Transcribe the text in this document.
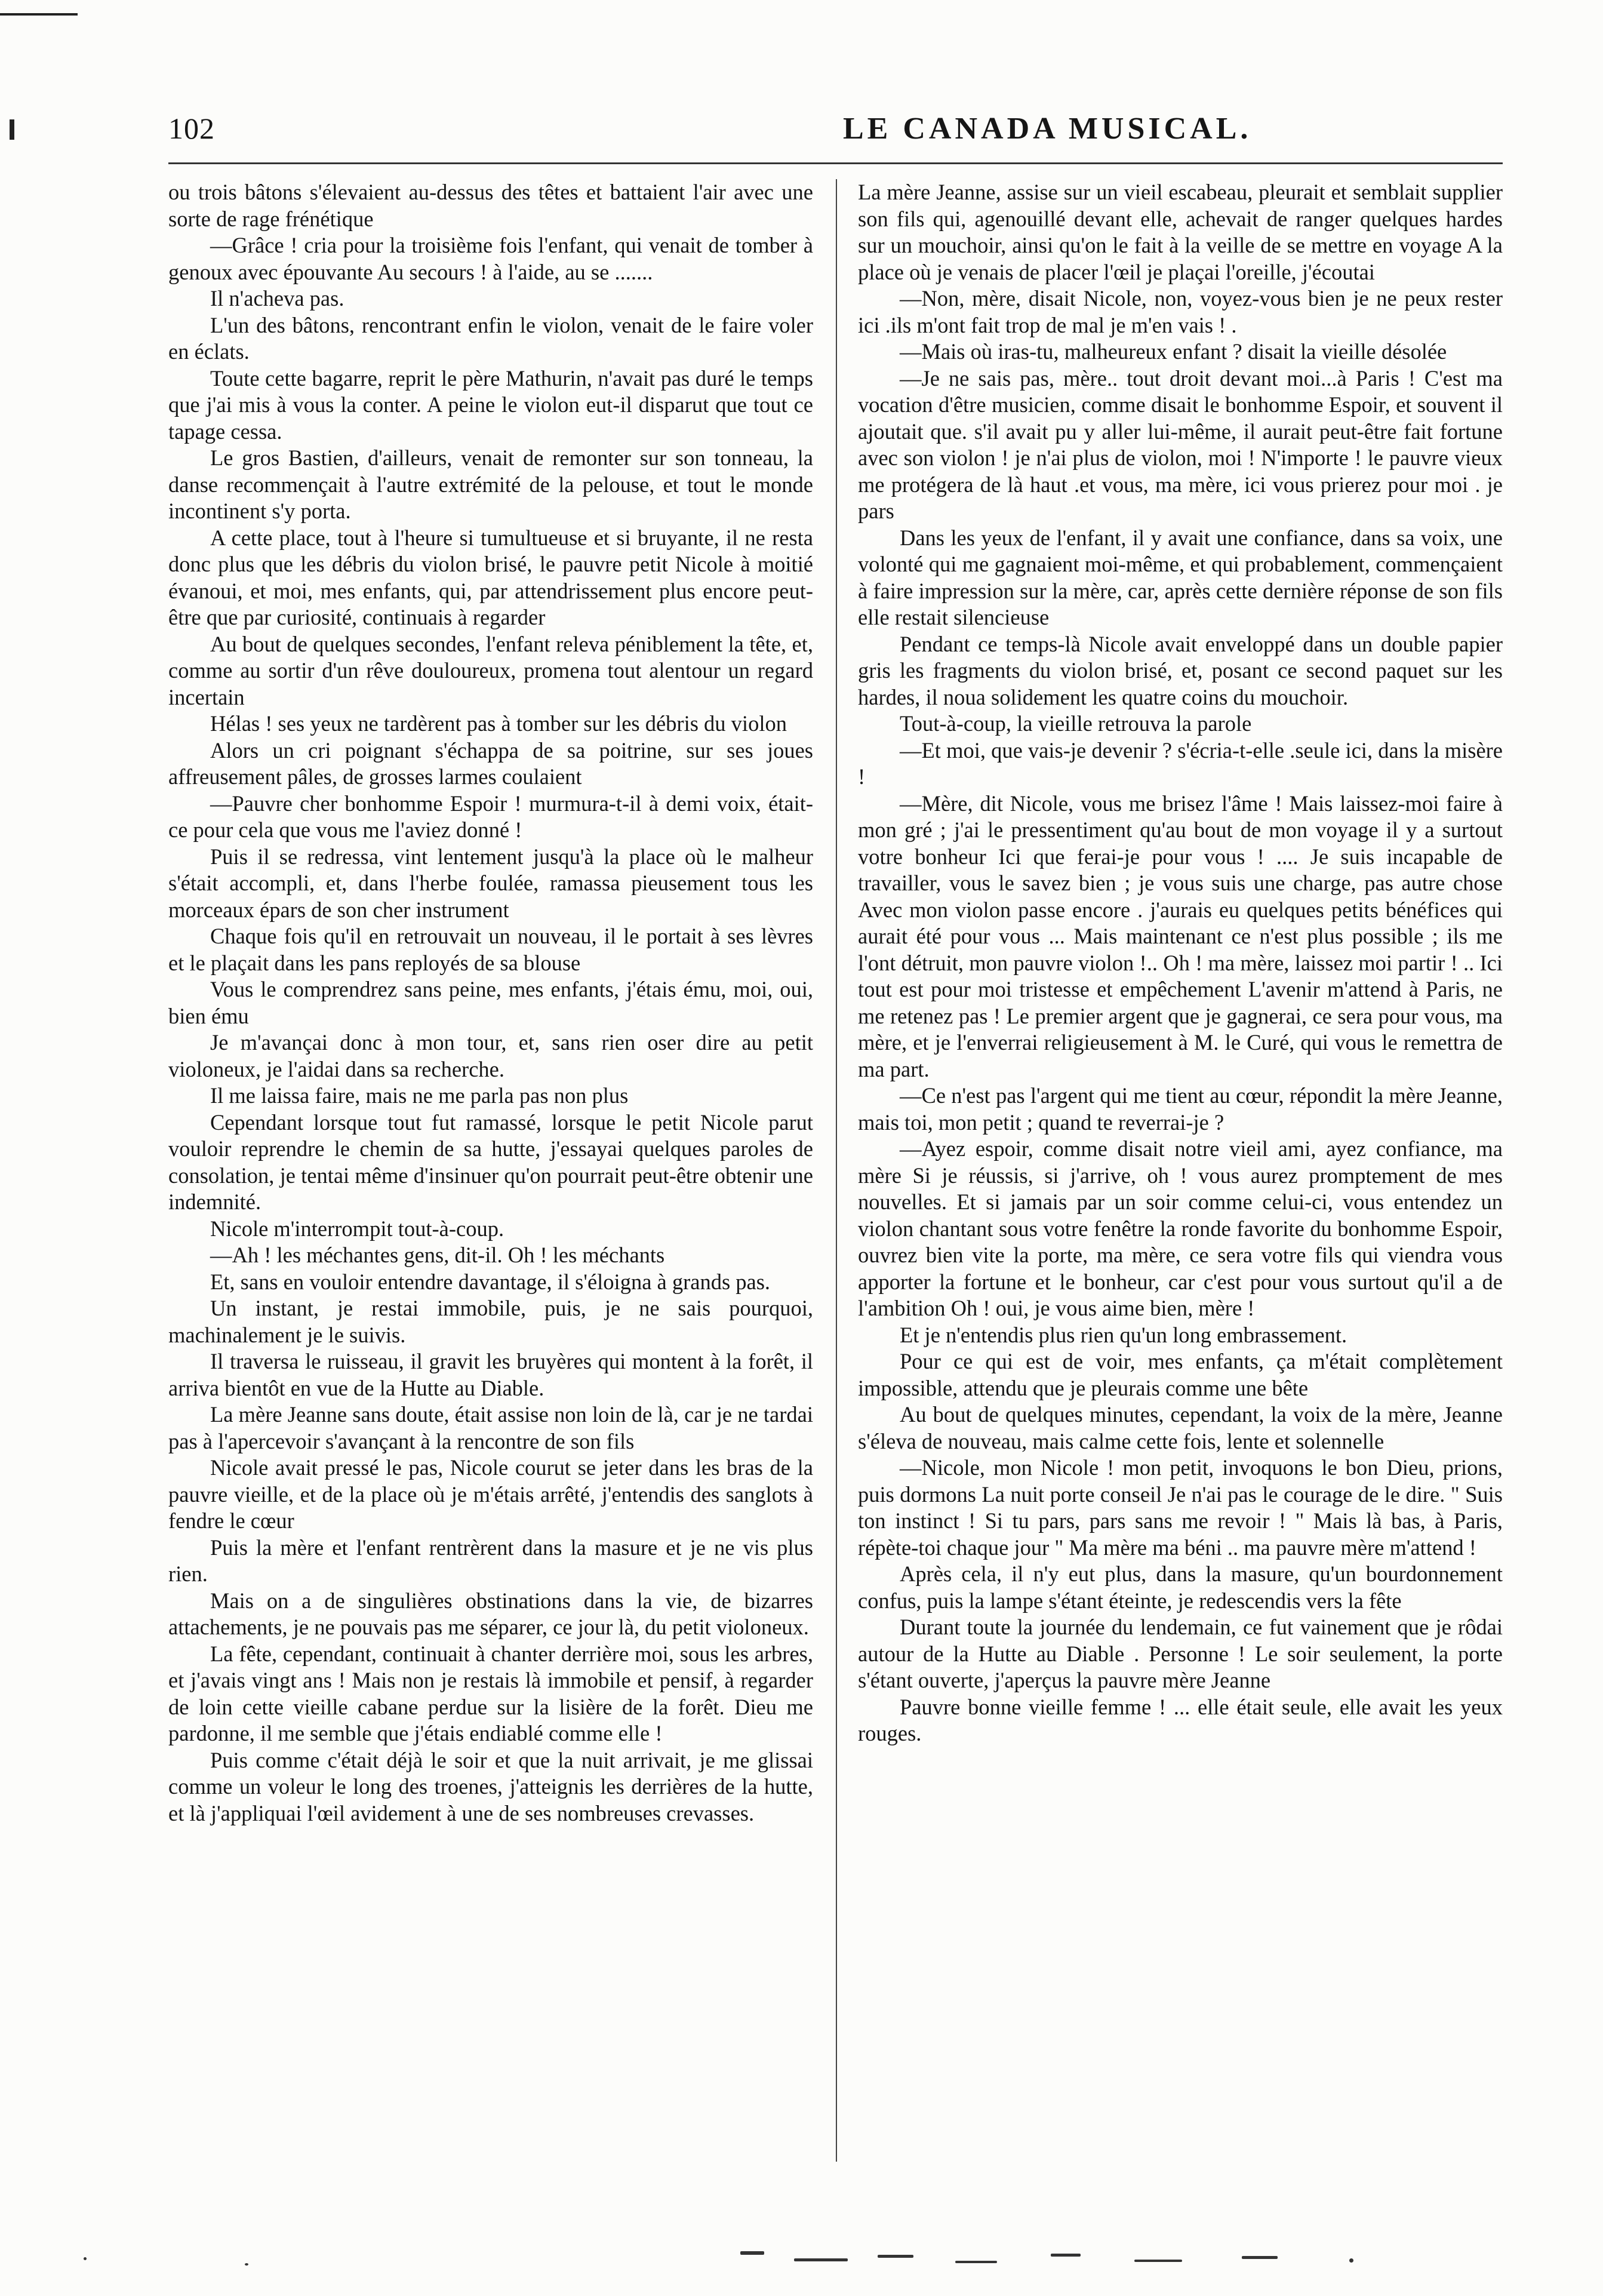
102	LE CANADA MUSICAL.

ou trois bâtons s'élevaient au-dessus des têtes et battaient l'air avec une sorte de rage frénétique

—Grâce ! cria pour la troisième fois l'enfant, qui venait de tomber à genoux avec épouvante Au secours ! à l'aide, au se .......

Il n'acheva pas.

L'un des bâtons, rencontrant enfin le violon, venait de le faire voler en éclats.

Toute cette bagarre, reprit le père Mathurin, n'avait pas duré le temps que j'ai mis à vous la conter. A peine le violon eut-il disparut que tout ce tapage cessa.

Le gros Bastien, d'ailleurs, venait de remonter sur son tonneau, la danse recommençait à l'autre extrémité de la pelouse, et tout le monde incontinent s'y porta.

A cette place, tout à l'heure si tumultueuse et si bruyante, il ne resta donc plus que les débris du violon brisé, le pauvre petit Nicole à moitié évanoui, et moi, mes enfants, qui, par attendrissement plus encore peut-être que par curiosité, continuais à regarder

Au bout de quelques secondes, l'enfant releva péniblement la tête, et, comme au sortir d'un rêve douloureux, promena tout alentour un regard incertain

Hélas ! ses yeux ne tardèrent pas à tomber sur les débris du violon

Alors un cri poignant s'échappa de sa poitrine, sur ses joues affreusement pâles, de grosses larmes coulaient

—Pauvre cher bonhomme Espoir ! murmura-t-il à demi voix, était-ce pour cela que vous me l'aviez donné !

Puis il se redressa, vint lentement jusqu'à la place où le malheur s'était accompli, et, dans l'herbe foulée, ramassa pieusement tous les morceaux épars de son cher instrument

Chaque fois qu'il en retrouvait un nouveau, il le portait à ses lèvres et le plaçait dans les pans reployés de sa blouse

Vous le comprendrez sans peine, mes enfants, j'étais ému, moi, oui, bien ému

Je m'avançai donc à mon tour, et, sans rien oser dire au petit violoneux, je l'aidai dans sa recherche.

Il me laissa faire, mais ne me parla pas non plus

Cependant lorsque tout fut ramassé, lorsque le petit Nicole parut vouloir reprendre le chemin de sa hutte, j'essayai quelques paroles de consolation, je tentai même d'insinuer qu'on pourrait peut-être obtenir une indemnité.

Nicole m'interrompit tout-à-coup.

—Ah ! les méchantes gens, dit-il. Oh ! les méchants

Et, sans en vouloir entendre davantage, il s'éloigna à grands pas.

Un instant, je restai immobile, puis, je ne sais pourquoi, machinalement je le suivis.

Il traversa le ruisseau, il gravit les bruyères qui montent à la forêt, il arriva bientôt en vue de la Hutte au Diable.

La mère Jeanne sans doute, était assise non loin de là, car je ne tardai pas à l'apercevoir s'avançant à la rencontre de son fils

Nicole avait pressé le pas, Nicole courut se jeter dans les bras de la pauvre vieille, et de la place où je m'étais arrêté, j'entendis des sanglots à fendre le cœur

Puis la mère et l'enfant rentrèrent dans la masure et je ne vis plus rien.

Mais on a de singulières obstinations dans la vie, de bizarres attachements, je ne pouvais pas me séparer, ce jour là, du petit violoneux.

La fête, cependant, continuait à chanter derrière moi, sous les arbres, et j'avais vingt ans ! Mais non je restais là immobile et pensif, à regarder de loin cette vieille cabane perdue sur la lisière de la forêt. Dieu me pardonne, il me semble que j'étais endiablé comme elle !

Puis comme c'était déjà le soir et que la nuit arrivait, je me glissai comme un voleur le long des troenes, j'atteignis les derrières de la hutte, et là j'appliquai l'œil avidement à une de ses nombreuses crevasses.

La mère Jeanne, assise sur un vieil escabeau, pleurait et semblait supplier son fils qui, agenouillé devant elle, achevait de ranger quelques hardes sur un mouchoir, ainsi qu'on le fait à la veille de se mettre en voyage A la place où je venais de placer l'œil je plaçai l'oreille, j'écoutai

—Non, mère, disait Nicole, non, voyez-vous bien je ne peux rester ici .ils m'ont fait trop de mal je m'en vais ! .

—Mais où iras-tu, malheureux enfant ? disait la vieille désolée

—Je ne sais pas, mère.. tout droit devant moi...à Paris ! C'est ma vocation d'être musicien, comme disait le bonhomme Espoir, et souvent il ajoutait que. s'il avait pu y aller lui-même, il aurait peut-être fait fortune avec son violon ! je n'ai plus de violon, moi ! N'importe ! le pauvre vieux me protégera de là haut .et vous, ma mère, ici vous prierez pour moi . je pars

Dans les yeux de l'enfant, il y avait une confiance, dans sa voix, une volonté qui me gagnaient moi-même, et qui probablement, commençaient à faire impression sur la mère, car, après cette dernière réponse de son fils elle restait silencieuse

Pendant ce temps-là Nicole avait enveloppé dans un double papier gris les fragments du violon brisé, et, posant ce second paquet sur les hardes, il noua solidement les quatre coins du mouchoir.

Tout-à-coup, la vieille retrouva la parole

—Et moi, que vais-je devenir ? s'écria-t-elle .seule ici, dans la misère !

—Mère, dit Nicole, vous me brisez l'âme ! Mais laissez-moi faire à mon gré ; j'ai le pressentiment qu'au bout de mon voyage il y a surtout votre bonheur Ici que ferai-je pour vous ! .... Je suis incapable de travailler, vous le savez bien ; je vous suis une charge, pas autre chose Avec mon violon passe encore . j'aurais eu quelques petits bénéfices qui aurait été pour vous ... Mais maintenant ce n'est plus possible ; ils me l'ont détruit, mon pauvre violon !.. Oh ! ma mère, laissez moi partir ! .. Ici tout est pour moi tristesse et empêchement L'avenir m'attend à Paris, ne me retenez pas ! Le premier argent que je gagnerai, ce sera pour vous, ma mère, et je l'enverrai religieusement à M. le Curé, qui vous le remettra de ma part.

—Ce n'est pas l'argent qui me tient au cœur, répondit la mère Jeanne, mais toi, mon petit ; quand te reverrai-je ?

—Ayez espoir, comme disait notre vieil ami, ayez confiance, ma mère Si je réussis, si j'arrive, oh ! vous aurez promptement de mes nouvelles. Et si jamais par un soir comme celui-ci, vous entendez un violon chantant sous votre fenêtre la ronde favorite du bonhomme Espoir, ouvrez bien vite la porte, ma mère, ce sera votre fils qui viendra vous apporter la fortune et le bonheur, car c'est pour vous surtout qu'il a de l'ambition Oh ! oui, je vous aime bien, mère !

Et je n'entendis plus rien qu'un long embrassement.

Pour ce qui est de voir, mes enfants, ça m'était complètement impossible, attendu que je pleurais comme une bête

Au bout de quelques minutes, cependant, la voix de la mère, Jeanne s'éleva de nouveau, mais calme cette fois, lente et solennelle

—Nicole, mon Nicole ! mon petit, invoquons le bon Dieu, prions, puis dormons La nuit porte conseil Je n'ai pas le courage de le dire. " Suis ton instinct ! Si tu pars, pars sans me revoir ! " Mais là bas, à Paris, répète-toi chaque jour " Ma mère ma béni .. ma pauvre mère m'attend !

Après cela, il n'y eut plus, dans la masure, qu'un bourdonnement confus, puis la lampe s'étant éteinte, je redescendis vers la fête

Durant toute la journée du lendemain, ce fut vainement que je rôdai autour de la Hutte au Diable . Personne ! Le soir seulement, la porte s'étant ouverte, j'aperçus la pauvre mère Jeanne

Pauvre bonne vieille femme ! ... elle était seule, elle avait les yeux rouges.
